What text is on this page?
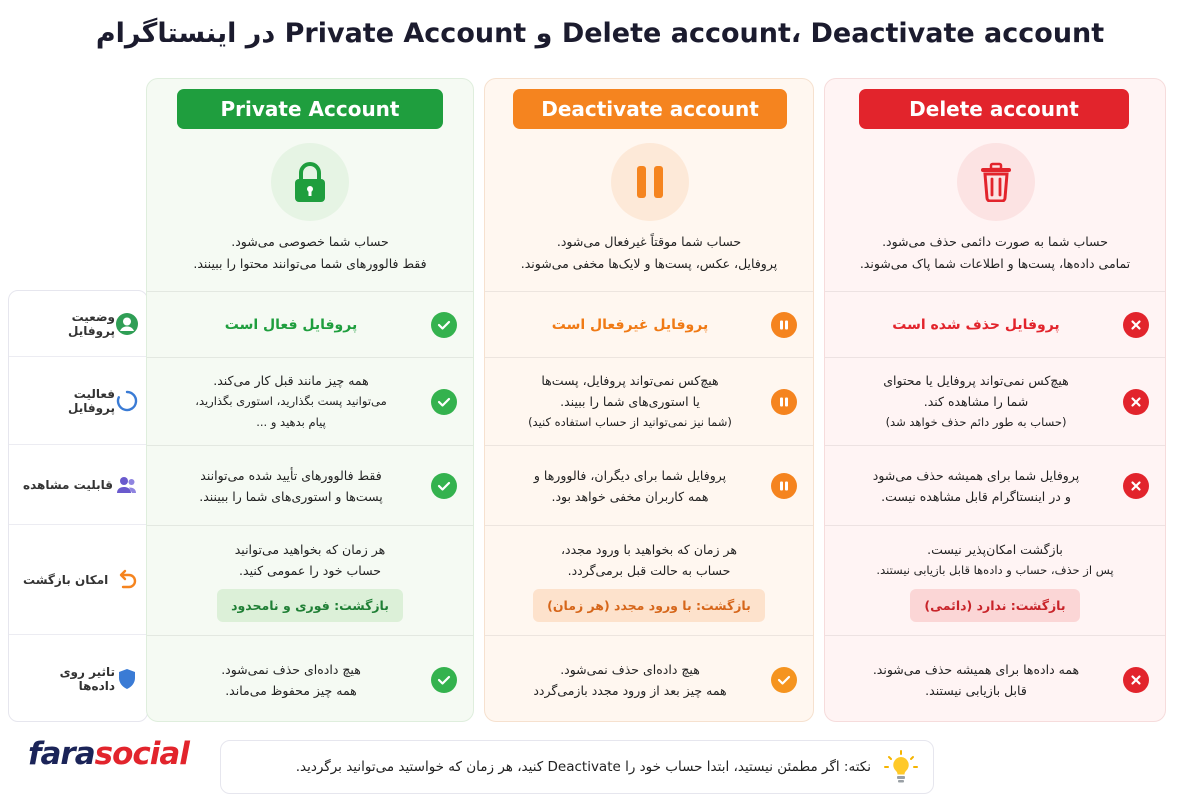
Delete account، Deactivate account و Private Account در اینستاگرام
وضعیت پروفایل
فعالیت پروفایل
قابلیت مشاهده
امکان بازگشت
تاثیر روی داده‌ها
Private Account
حساب شما خصوصی می‌شود.
فقط فالوورهای شما می‌توانند محتوا را ببینند.
پروفایل فعال است
همه چیز مانند قبل کار می‌کند.
می‌توانید پست بگذارید، استوری بگذارید،
پیام بدهید و ...
فقط فالوورهای تأیید شده می‌توانند
پست‌ها و استوری‌های شما را ببینند.
هر زمان که بخواهید می‌توانید
حساب خود را عمومی کنید.
بازگشت: فوری و نامحدود
هیچ داده‌ای حذف نمی‌شود.
همه چیز محفوظ می‌ماند.
Deactivate account
حساب شما موقتاً غیرفعال می‌شود.
پروفایل، عکس، پست‌ها و لایک‌ها مخفی می‌شوند.
پروفایل غیرفعال است
هیچ‌کس نمی‌تواند پروفایل، پست‌ها
یا استوری‌های شما را ببیند.
(شما نیز نمی‌توانید از حساب استفاده کنید)
پروفایل شما برای دیگران، فالوورها و
همه کاربران مخفی خواهد بود.
هر زمان که بخواهید با ورود مجدد،
حساب به حالت قبل برمی‌گردد.
بازگشت: با ورود مجدد (هر زمان)
هیچ داده‌ای حذف نمی‌شود.
همه چیز بعد از ورود مجدد بازمی‌گردد
Delete account
حساب شما به صورت دائمی حذف می‌شود.
تمامی داده‌ها، پست‌ها و اطلاعات شما پاک می‌شوند.
پروفایل حذف شده است
هیچ‌کس نمی‌تواند پروفایل یا محتوای
شما را مشاهده کند.
(حساب به طور دائم حذف خواهد شد)
پروفایل شما برای همیشه حذف می‌شود
و در اینستاگرام قابل مشاهده نیست.
بازگشت امکان‌پذیر نیست.
پس از حذف، حساب و داده‌ها قابل بازیابی نیستند.
بازگشت: ندارد (دائمی)
همه داده‌ها برای همیشه حذف می‌شوند.
قابل بازیابی نیستند.
farasocial	نکته: اگر مطمئن نیستید، ابتدا حساب خود را Deactivate کنید، هر زمان که خواستید می‌توانید برگردید.
